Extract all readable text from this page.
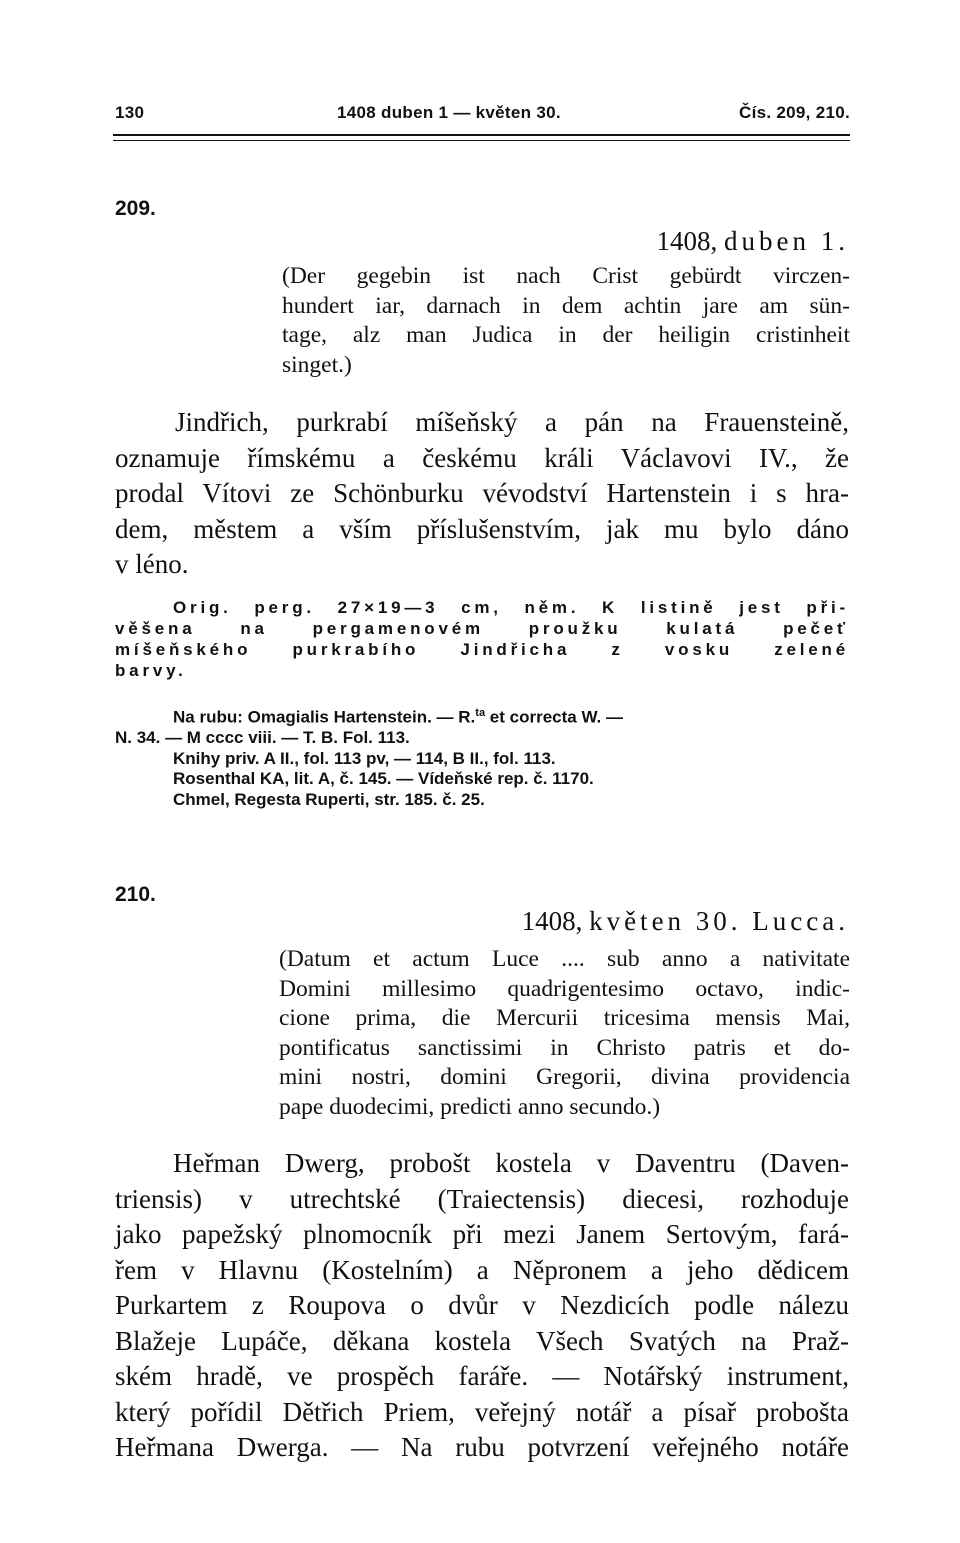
130	1408 duben 1 — květen 30.	Čís. 209, 210.
209.
1408, duben 1.
(Der gegebin ist nach Crist gebürdt virczen-
hundert iar, darnach in dem achtin jare am sün-
tage, alz man Judica in der heiligin cristinheit
singet.)
Jindřich, purkrabí míšeňský a pán na Frauensteině,
oznamuje římskému a českému králi Václavovi IV., že
prodal Vítovi ze Schönburku vévodství Hartenstein i s hra-
dem, městem a vším příslušenstvím, jak mu bylo dáno
v léno.
Orig. perg. 27×19—3 cm, něm. K listině jest při-
věšena na pergamenovém proužku kulatá pečeť
míšeňského purkrabího Jindřicha z vosku zelené
barvy.
Na rubu: Omagialis Hartenstein. — R.$^{ta}$ et correcta W. —
N. 34. — M cccc viii. — T. B. Fol. 113.
Knihy priv. A II., fol. 113 pv, — 114, B II., fol. 113.
Rosenthal KA, lit. A, č. 145. — Vídeňské rep. č. 1170.
Chmel, Regesta Ruperti, str. 185. č. 25.
210.
1408, květen 30. Lucca.
(Datum et actum Luce .... sub anno a nativitate
Domini millesimo quadrigentesimo octavo, indic-
cione prima, die Mercurii tricesima mensis Mai,
pontificatus sanctissimi in Christo patris et do-
mini nostri, domini Gregorii, divina providencia
pape duodecimi, predicti anno secundo.)
Heřman Dwerg, probošt kostela v Daventru (Daven-
triensis) v utrechtské (Traiectensis) diecesi, rozhoduje
jako papežský plnomocník při mezi Janem Sertovým, fará-
řem v Hlavnu (Kostelním) a Něpronem a jeho dědicem
Purkartem z Roupova o dvůr v Nezdicích podle nálezu
Blažeje Lupáče, děkana kostela Všech Svatých na Praž-
ském hradě, ve prospěch faráře. — Notářský instrument,
který pořídil Dětřich Priem, veřejný notář a písař probošta
Heřmana Dwerga. — Na rubu potvrzení veřejného notáře
